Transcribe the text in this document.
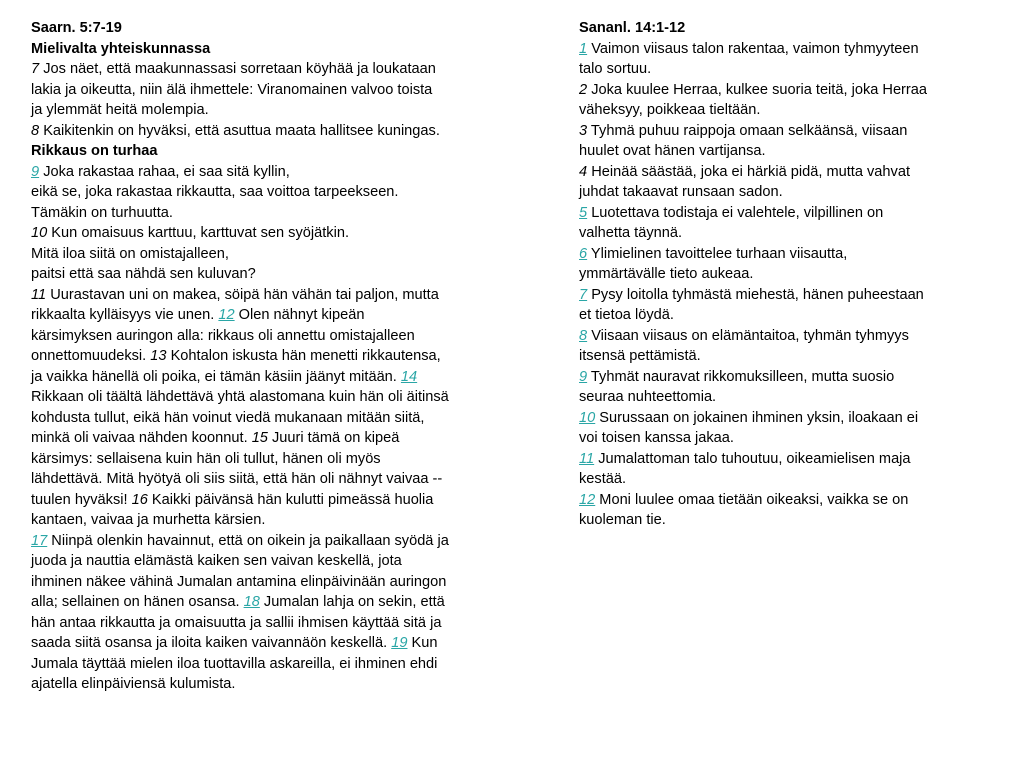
Saarn. 5:7-19
Mielivalta yhteiskunnassa
7 Jos näet, että maakunnassasi sorretaan köyhää ja loukataan
lakia ja oikeutta, niin älä ihmettele: Viranomainen valvoo toista
ja ylemmät heitä molempia.
8 Kaikitenkin on hyväksi, että asuttua maata hallitsee kuningas.
Rikkaus on turhaa
9 Joka rakastaa rahaa, ei saa sitä kyllin,
eikä se, joka rakastaa rikkautta, saa voittoa tarpeekseen.
Tämäkin on turhuutta.
10 Kun omaisuus karttuu, karttuvat sen syöjätkin.
Mitä iloa siitä on omistajalleen,
paitsi että saa nähdä sen kuluvan?
11 Uurastavan uni on makea, söipä hän vähän tai paljon, mutta
rikkaalta kylläisyys vie unen. 12 Olen nähnyt kipeän
kärsimyksen auringon alla: rikkaus oli annettu omistajalleen
onnettomuudeksi. 13 Kohtalon iskusta hän menetti rikkautensa,
ja vaikka hänellä oli poika, ei tämän käsiin jäänyt mitään. 14
Rikkaan oli täältä lähdettävä yhtä alastomana kuin hän oli äitinsä
kohdusta tullut, eikä hän voinut viedä mukanaan mitään siitä,
minkä oli vaivaa nähden koonnut. 15 Juuri tämä on kipeä
kärsimys: sellaisena kuin hän oli tullut, hänen oli myös
lähdettävä. Mitä hyötyä oli siis siitä, että hän oli nähnyt vaivaa --
tuulen hyväksi! 16 Kaikki päivänsä hän kulutti pimeässä huolia
kantaen, vaivaa ja murhetta kärsien.
17 Niinpä olenkin havainnut, että on oikein ja paikallaan syödä ja
juoda ja nauttia elämästä kaiken sen vaivan keskellä, jota
ihminen näkee vähinä Jumalan antamina elinpäivinään auringon
alla; sellainen on hänen osansa. 18 Jumalan lahja on sekin, että
hän antaa rikkautta ja omaisuutta ja sallii ihmisen käyttää sitä ja
saada siitä osansa ja iloita kaiken vaivannäön keskellä. 19 Kun
Jumala täyttää mielen iloa tuottavilla askareilla, ei ihminen ehdi
ajatella elinpäiviensä kulumista.
Sananl. 14:1-12
1 Vaimon viisaus talon rakentaa, vaimon tyhmyyteen
talo sortuu.
2 Joka kuulee Herraa, kulkee suoria teitä, joka Herraa
väheksyy, poikkeaa tieltään.
3 Tyhmä puhuu raippoja omaan selkäänsä, viisaan
huulet ovat hänen vartijansa.
4 Heinää säästää, joka ei härkiä pidä, mutta vahvat
juhdat takaavat runsaan sadon.
5 Luotettava todistaja ei valehtele, vilpillinen on
valhetta täynnä.
6 Ylimielinen tavoittelee turhaan viisautta,
ymmärtävälle tieto aukeaa.
7 Pysy loitolla tyhmästä miehestä, hänen puheestaan
et tietoa löydä.
8 Viisaan viisaus on elämäntaitoa, tyhmän tyhmyys
itsensä pettämistä.
9 Tyhmät nauravat rikkomuksilleen, mutta suosio
seuraa nuhteettomia.
10 Surussaan on jokainen ihminen yksin, iloakaan ei
voi toisen kanssa jakaa.
11 Jumalattoman talo tuhoutuu, oikeamielisen maja
kestää.
12 Moni luulee omaa tietään oikeaksi, vaikka se on
kuoleman tie.
